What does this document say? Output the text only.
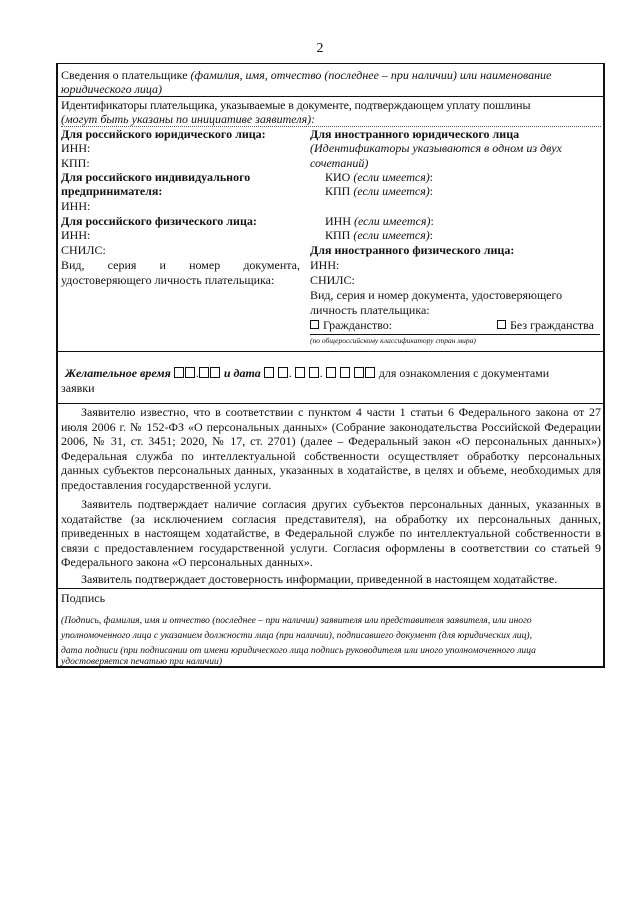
2
Сведения о плательщике (фамилия, имя, отчество (последнее – при наличии) или наименование
юридического лица)
Идентификаторы плательщика, указываемые в документе, подтверждающем уплату пошлины
(могут быть указаны по инициативе заявителя):
Для российского юридического лица:
ИНН:
КПП:
Для российского индивидуального
предпринимателя:
ИНН:
Для российского физического лица:
ИНН:
СНИЛС:
Вид, серия и номер документа,
удостоверяющего личность плательщика:
Для иностранного юридического лица
(Идентификаторы указываются в одном из двух
сочетаний)
КИО (если имеется):
КПП (если имеется):
ИНН (если имеется):
КПП (если имеется):
Для иностранного физического лица:
ИНН:
СНИЛС:
Вид, серия и номер документа, удостоверяющего
личность плательщика:
Гражданство:	Без гражданства
(по общероссийскому классификатору стран мира)
Желательное время . и дата . .	для ознакомления с документами
заявки
Заявителю известно, что в соответствии с пунктом 4 части 1 статьи 6 Федерального закона от 27 июля 2006 г. № 152-ФЗ «О персональных данных» (Собрание законодательства Российской Федерации 2006, № 31, ст. 3451; 2020, № 17, ст. 2701) (далее – Федеральный закон «О персональных данных») Федеральная служба по интеллектуальной собственности осуществляет обработку персональных данных субъектов персональных данных, указанных в ходатайстве, в целях и объеме, необходимых для предоставления государственной услуги.
Заявитель подтверждает наличие согласия других субъектов персональных данных, указанных в ходатайстве (за исключением согласия представителя), на обработку их персональных данных, приведенных в настоящем ходатайстве, в Федеральной службе по интеллектуальной собственности в связи с предоставлением государственной услуги. Согласия оформлены в соответствии со статьей 9 Федерального закона «О персональных данных».
Заявитель подтверждает достоверность информации, приведенной в настоящем ходатайстве.
Подпись
(Подпись, фамилия, имя и отчество (последнее – при наличии) заявителя или представителя заявителя, или иного
уполномоченного лица с указанием должности лица (при наличии), подписавшего документ (для юридических лиц),
дата подписи (при подписании от имени юридического лица подпись руководителя или иного уполномоченного лица
удостоверяется печатью при наличии)
